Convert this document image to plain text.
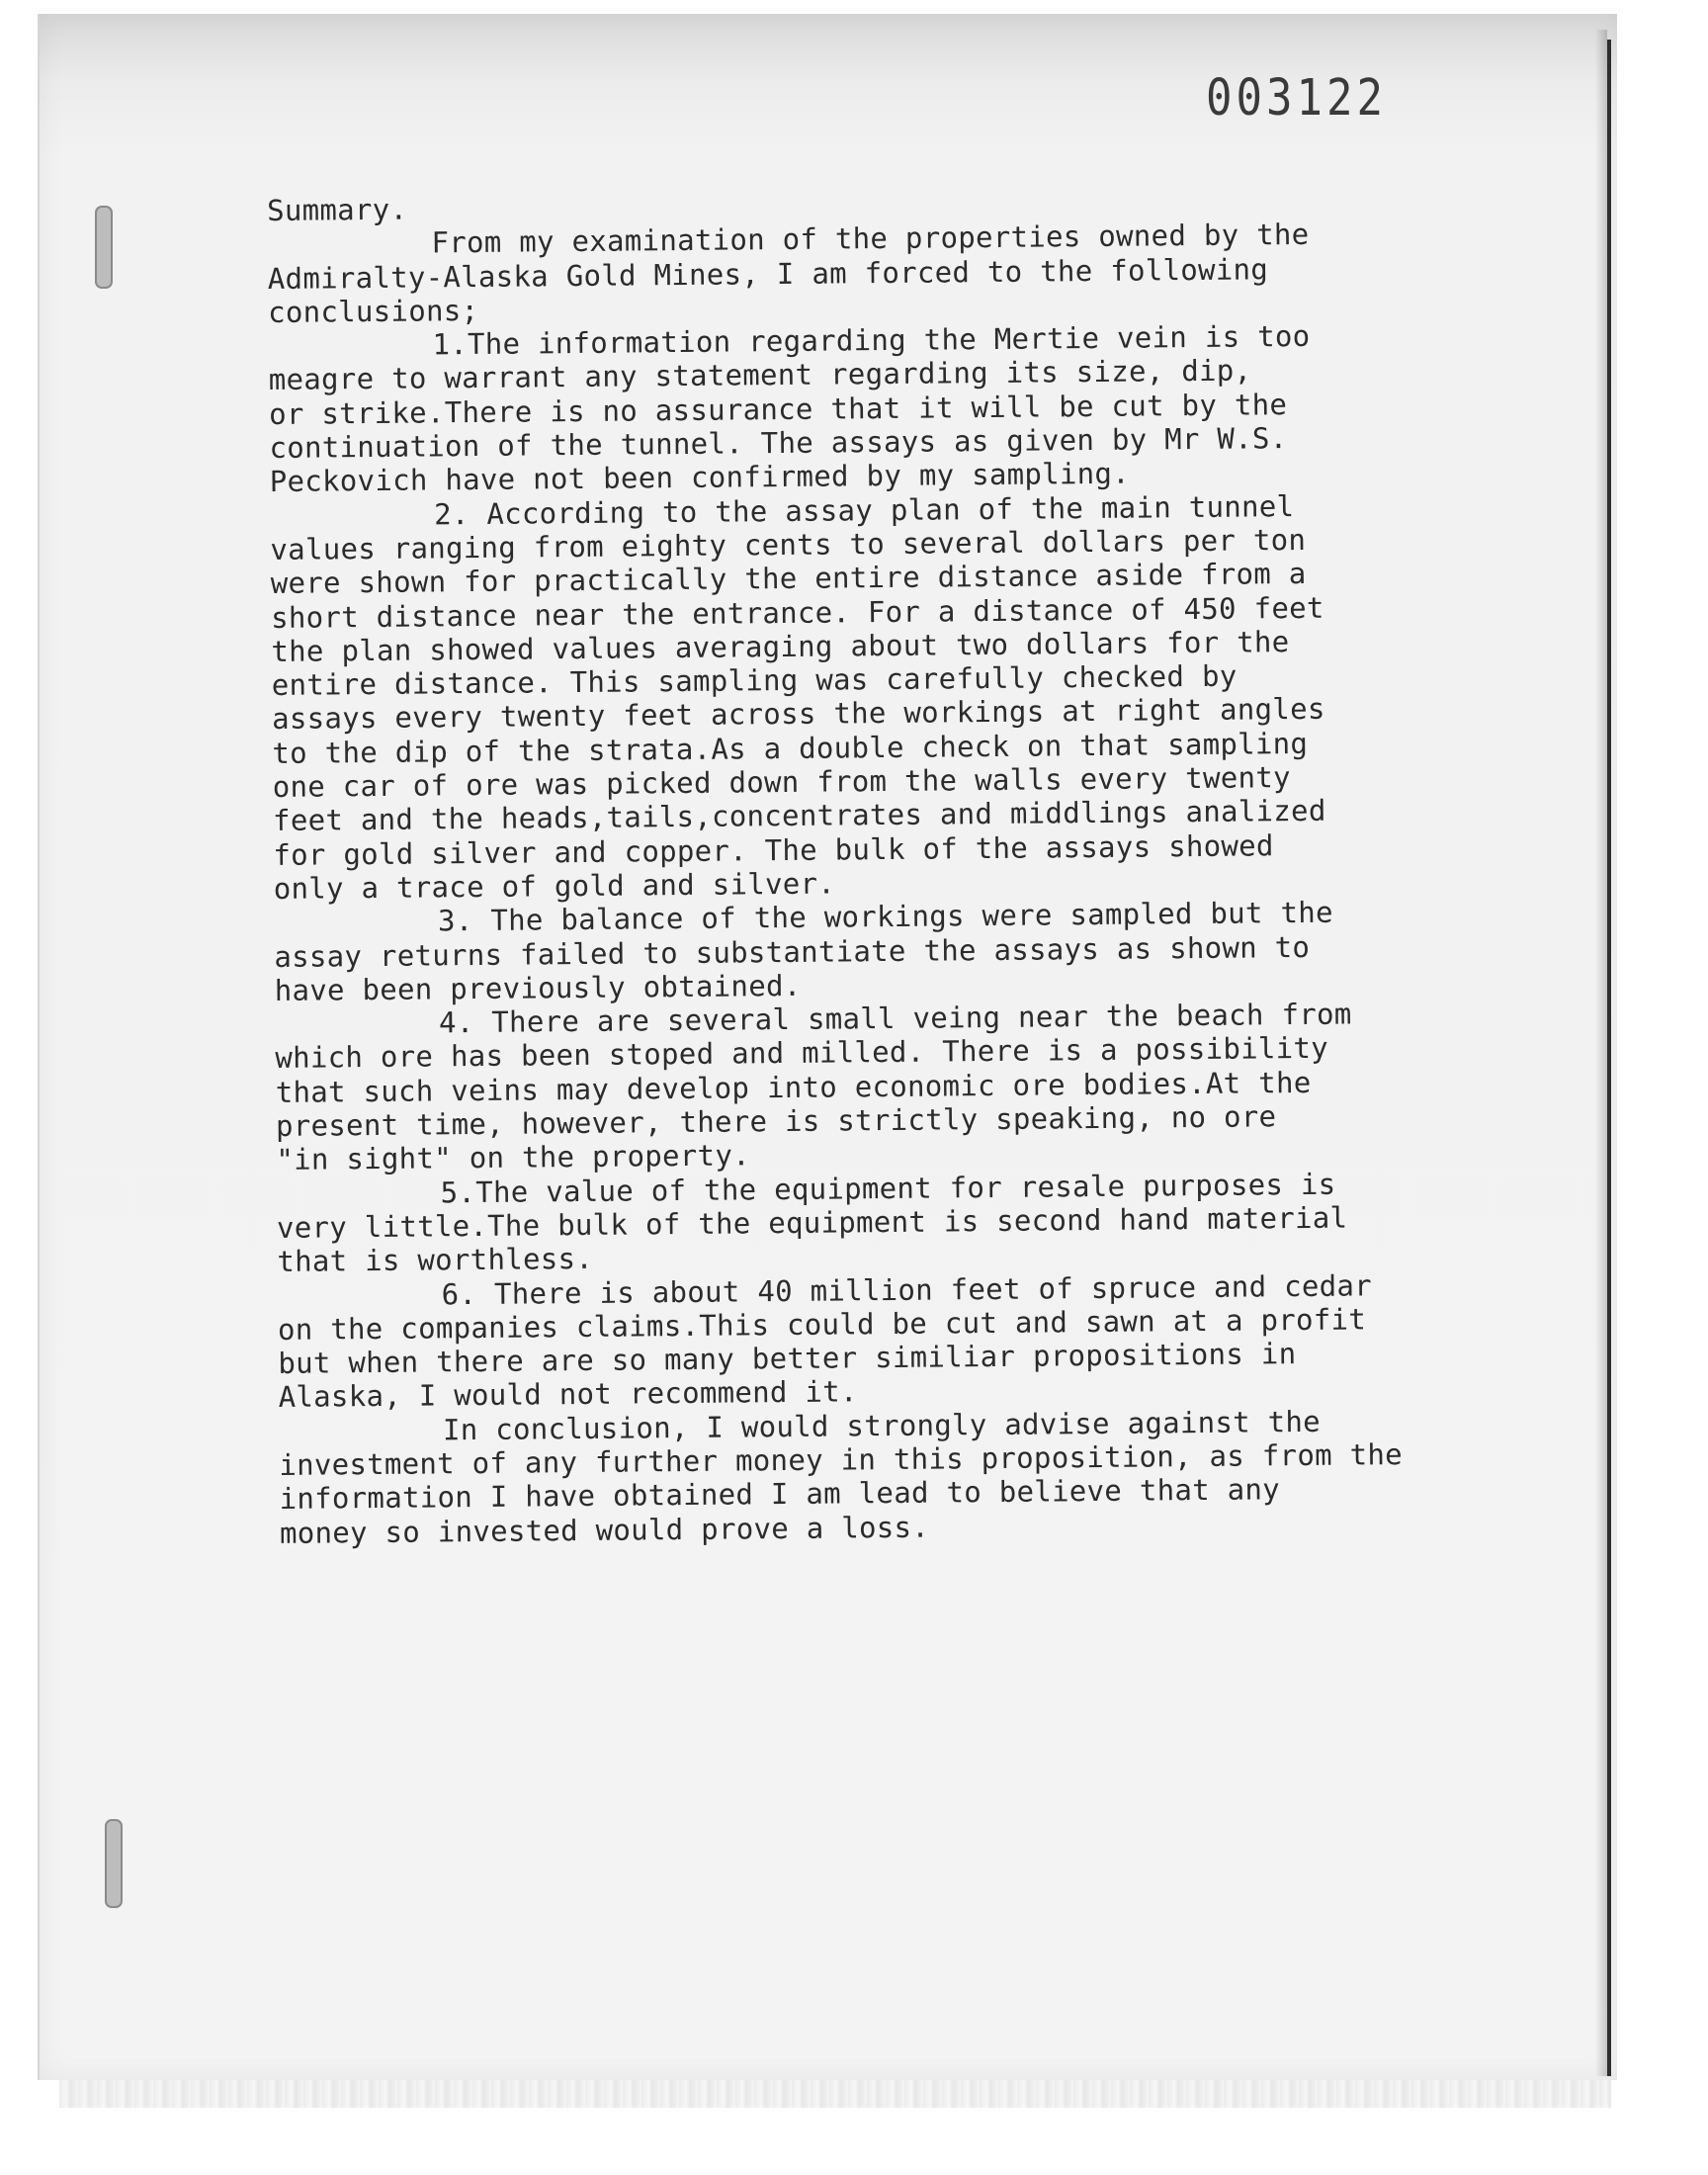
003122
Summary.
From my examination of the properties owned by the
Admiralty-Alaska Gold Mines, I am forced to the following
conclusions;
1.The information regarding the Mertie vein is too
meagre to warrant any statement regarding its size, dip,
or strike.There is no assurance that it will be cut by the
continuation of the tunnel. The assays as given by Mr W.S.
Peckovich have not been confirmed by my sampling.
2. According to the assay plan of the main tunnel
values ranging from eighty cents to several dollars per ton
were shown for practically the entire distance aside from a
short distance near the entrance. For a distance of 450 feet
the plan showed values averaging about two dollars for the
entire distance. This sampling was carefully checked by
assays every twenty feet across the workings at right angles
to the dip of the strata.As a double check on that sampling
one car of ore was picked down from the walls every twenty
feet and the heads,tails,concentrates and middlings analized
for gold silver and copper. The bulk of the assays showed
only a trace of gold and silver.
3. The balance of the workings were sampled but the
assay returns failed to substantiate the assays as shown to
have been previously obtained.
4. There are several small veing near the beach from
which ore has been stoped and milled. There is a possibility
that such veins may develop into economic ore bodies.At the
present time, however, there is strictly speaking, no ore
"in sight" on the property.
5.The value of the equipment for resale purposes is
very little.The bulk of the equipment is second hand material
that is worthless.
6. There is about 40 million feet of spruce and cedar
on the companies claims.This could be cut and sawn at a profit
but when there are so many better similiar propositions in
Alaska, I would not recommend it.
In conclusion, I would strongly advise against the
investment of any further money in this proposition, as from the
information I have obtained I am lead to believe that any
money so invested would prove a loss.
